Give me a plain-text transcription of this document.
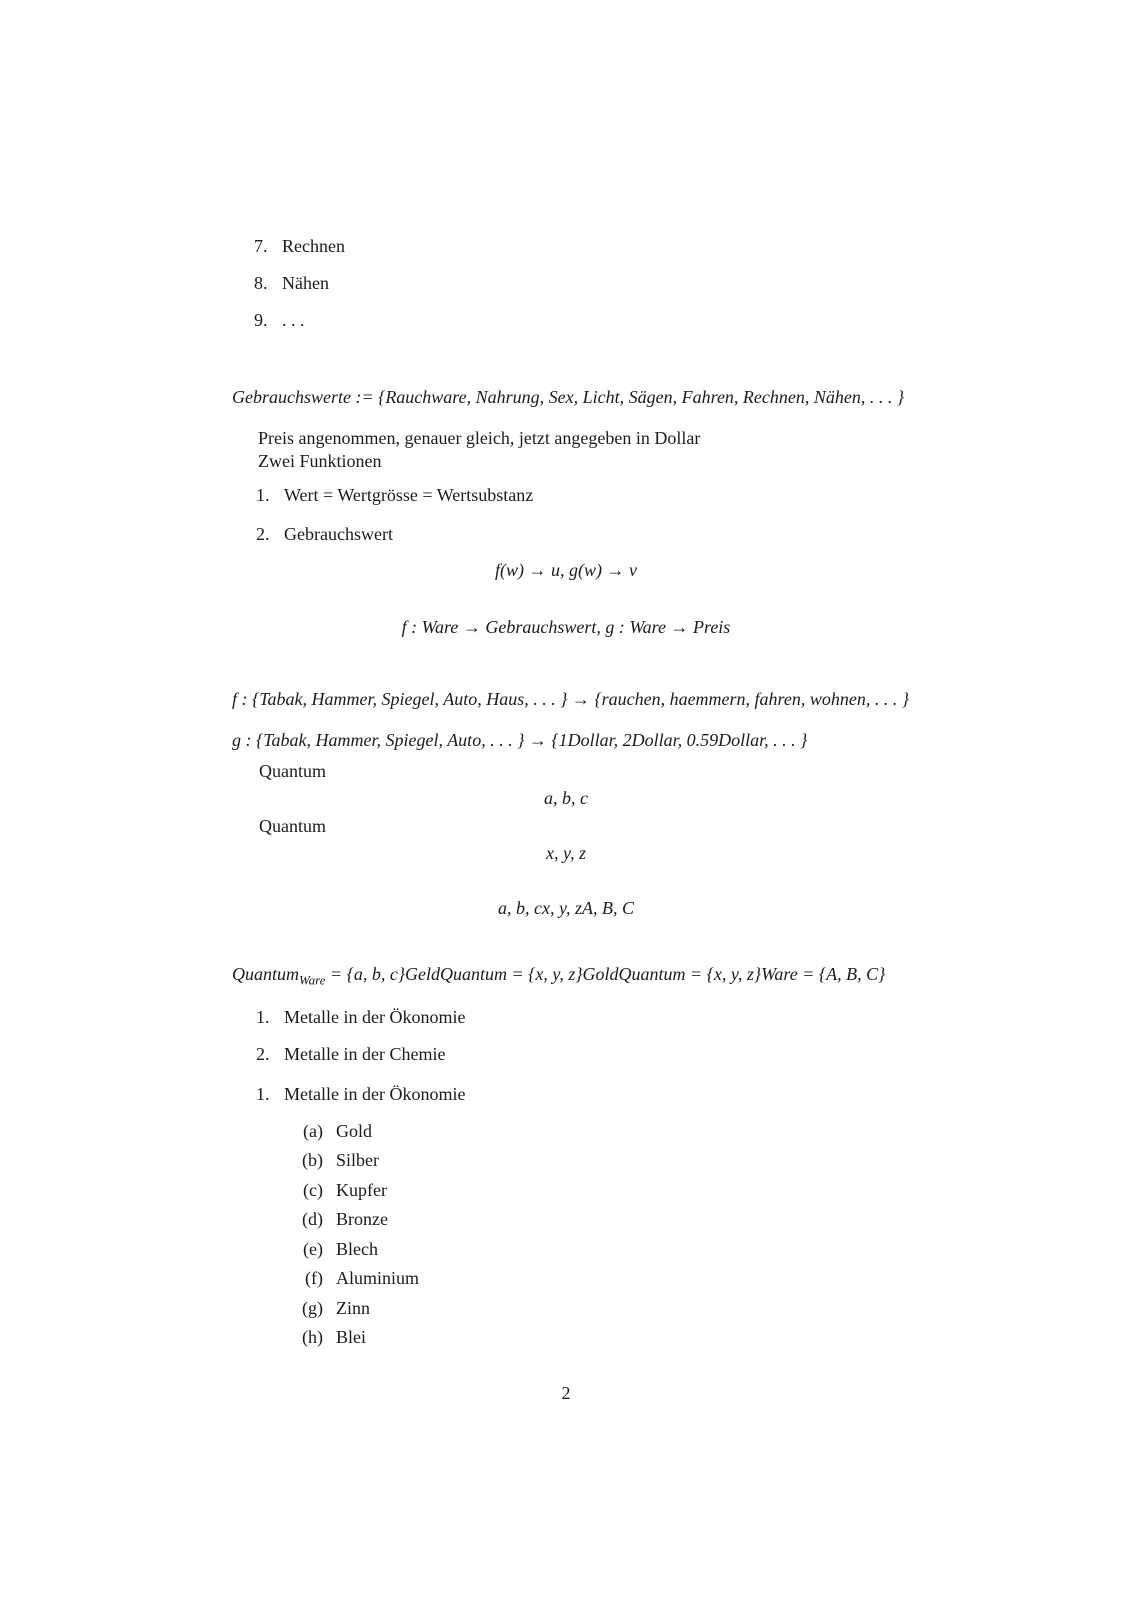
7. Rechnen
8. Nähen
9. . . .
Gebrauchswerte := {Rauchware, Nahrung, Sex, Licht, Sägen, Fahren, Rechnen, Nähen, . . . }
Preis angenommen, genauer gleich, jetzt angegeben in Dollar
Zwei Funktionen
1. Wert = Wertgrösse = Wertsubstanz
2. Gebrauchswert
f(w) → u, g(w) → v
f : Ware → Gebrauchswert, g : Ware → Preis
f : {Tabak, Hammer, Spiegel, Auto, Haus, . . . } → {rauchen, haemmern, fahren, wohnen, . . . }
g : {Tabak, Hammer, Spiegel, Auto, . . . } → {1Dollar, 2Dollar, 0.59Dollar, . . . }
Quantum
a, b, c
Quantum
x, y, z
a, b, cx, y, zA, B, C
Quantum$_{Ware}$ = {a, b, c}GeldQuantum = {x, y, z}GoldQuantum = {x, y, z}Ware = {A, B, C}
1. Metalle in der Ökonomie
2. Metalle in der Chemie
1. Metalle in der Ökonomie
(a) Gold
(b) Silber
(c) Kupfer
(d) Bronze
(e) Blech
(f) Aluminium
(g) Zinn
(h) Blei
2
